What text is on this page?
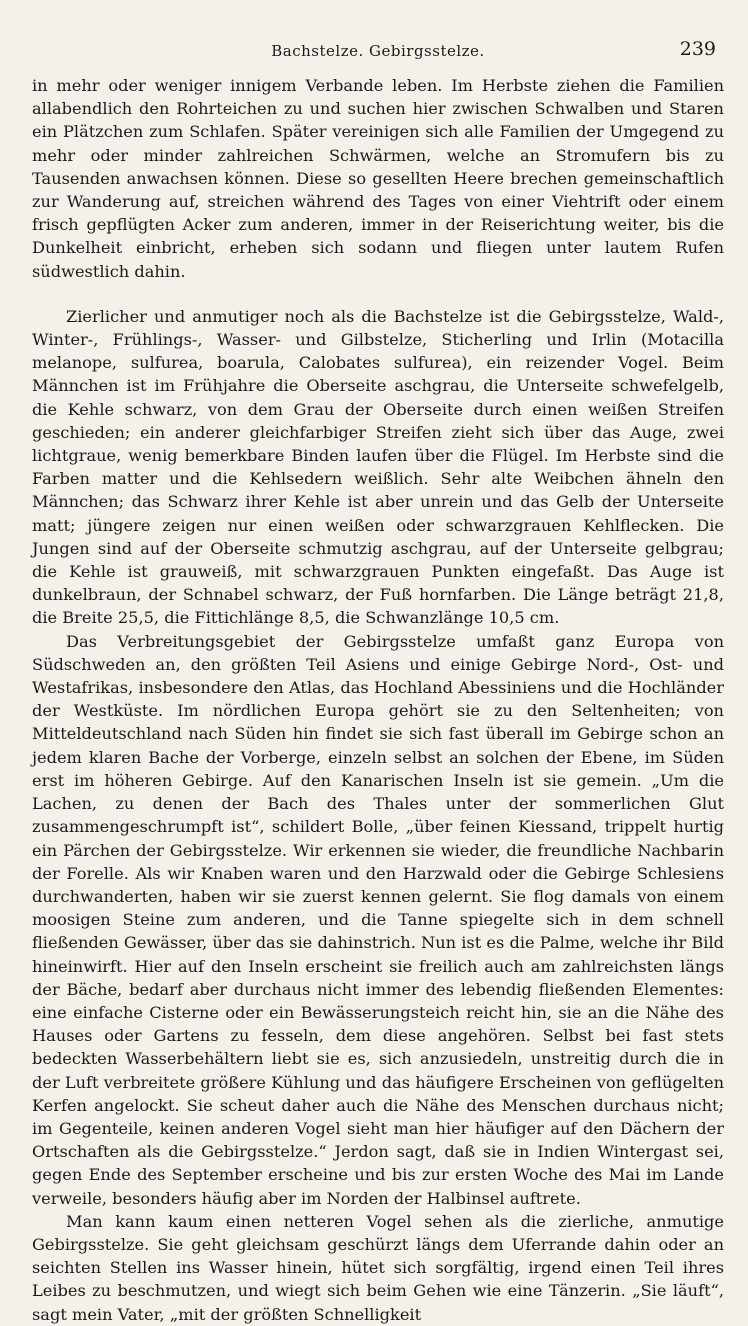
Bachstelze. Gebirgsstelze.	239

in mehr oder weniger innigem Verbande leben. Im Herbste ziehen die Familien allabendlich den Rohrteichen zu und suchen hier zwischen Schwalben und Staren ein Plätzchen zum Schlafen. Später vereinigen sich alle Familien der Umgegend zu mehr oder minder zahlreichen Schwärmen, welche an Stromufern bis zu Tausenden anwachsen können. Diese so gesellten Heere brechen gemeinschaftlich zur Wanderung auf, streichen während des Tages von einer Viehtrift oder einem frisch gepflügten Acker zum anderen, immer in der Reiserichtung weiter, bis die Dunkelheit einbricht, erheben sich sodann und fliegen unter lautem Rufen südwestlich dahin.

Zierlicher und anmutiger noch als die Bachstelze ist die Gebirgsstelze, Wald-, Winter-, Frühlings-, Wasser- und Gilbstelze, Sticherling und Irlin (Motacilla melanope, sulfurea, boarula, Calobates sulfurea), ein reizender Vogel. Beim Männchen ist im Frühjahre die Oberseite aschgrau, die Unterseite schwefelgelb, die Kehle schwarz, von dem Grau der Oberseite durch einen weißen Streifen geschieden; ein anderer gleichfarbiger Streifen zieht sich über das Auge, zwei lichtgraue, wenig bemerkbare Binden laufen über die Flügel. Im Herbste sind die Farben matter und die Kehlsedern weißlich. Sehr alte Weibchen ähneln den Männchen; das Schwarz ihrer Kehle ist aber unrein und das Gelb der Unterseite matt; jüngere zeigen nur einen weißen oder schwarzgrauen Kehlflecken. Die Jungen sind auf der Oberseite schmutzig aschgrau, auf der Unterseite gelbgrau; die Kehle ist grauweiß, mit schwarzgrauen Punkten eingefaßt. Das Auge ist dunkelbraun, der Schnabel schwarz, der Fuß hornfarben. Die Länge beträgt 21,8, die Breite 25,5, die Fittichlänge 8,5, die Schwanzlänge 10,5 cm.

Das Verbreitungsgebiet der Gebirgsstelze umfaßt ganz Europa von Südschweden an, den größten Teil Asiens und einige Gebirge Nord-, Ost- und Westafrikas, insbesondere den Atlas, das Hochland Abessiniens und die Hochländer der Westküste. Im nördlichen Europa gehört sie zu den Seltenheiten; von Mitteldeutschland nach Süden hin findet sie sich fast überall im Gebirge schon an jedem klaren Bache der Vorberge, einzeln selbst an solchen der Ebene, im Süden erst im höheren Gebirge. Auf den Kanarischen Inseln ist sie gemein. „Um die Lachen, zu denen der Bach des Thales unter der sommerlichen Glut zusammengeschrumpft ist“, schildert Bolle, „über feinen Kiessand, trippelt hurtig ein Pärchen der Gebirgsstelze. Wir erkennen sie wieder, die freundliche Nachbarin der Forelle. Als wir Knaben waren und den Harzwald oder die Gebirge Schlesiens durchwanderten, haben wir sie zuerst kennen gelernt. Sie flog damals von einem moosigen Steine zum anderen, und die Tanne spiegelte sich in dem schnell fließenden Gewässer, über das sie dahinstrich. Nun ist es die Palme, welche ihr Bild hineinwirft. Hier auf den Inseln erscheint sie freilich auch am zahlreichsten längs der Bäche, bedarf aber durchaus nicht immer des lebendig fließenden Elementes: eine einfache Cisterne oder ein Bewässerungsteich reicht hin, sie an die Nähe des Hauses oder Gartens zu fesseln, dem diese angehören. Selbst bei fast stets bedeckten Wasserbehältern liebt sie es, sich anzusiedeln, unstreitig durch die in der Luft verbreitete größere Kühlung und das häufigere Erscheinen von geflügelten Kerfen angelockt. Sie scheut daher auch die Nähe des Menschen durchaus nicht; im Gegenteile, keinen anderen Vogel sieht man hier häufiger auf den Dächern der Ortschaften als die Gebirgsstelze.“ Jerdon sagt, daß sie in Indien Wintergast sei, gegen Ende des September erscheine und bis zur ersten Woche des Mai im Lande verweile, besonders häufig aber im Norden der Halbinsel auftrete.

Man kann kaum einen netteren Vogel sehen als die zierliche, anmutige Gebirgsstelze. Sie geht gleichsam geschürzt längs dem Uferrande dahin oder an seichten Stellen ins Wasser hinein, hütet sich sorgfältig, irgend einen Teil ihres Leibes zu beschmutzen, und wiegt sich beim Gehen wie eine Tänzerin. „Sie läuft“, sagt mein Vater, „mit der größten Schnelligkeit
